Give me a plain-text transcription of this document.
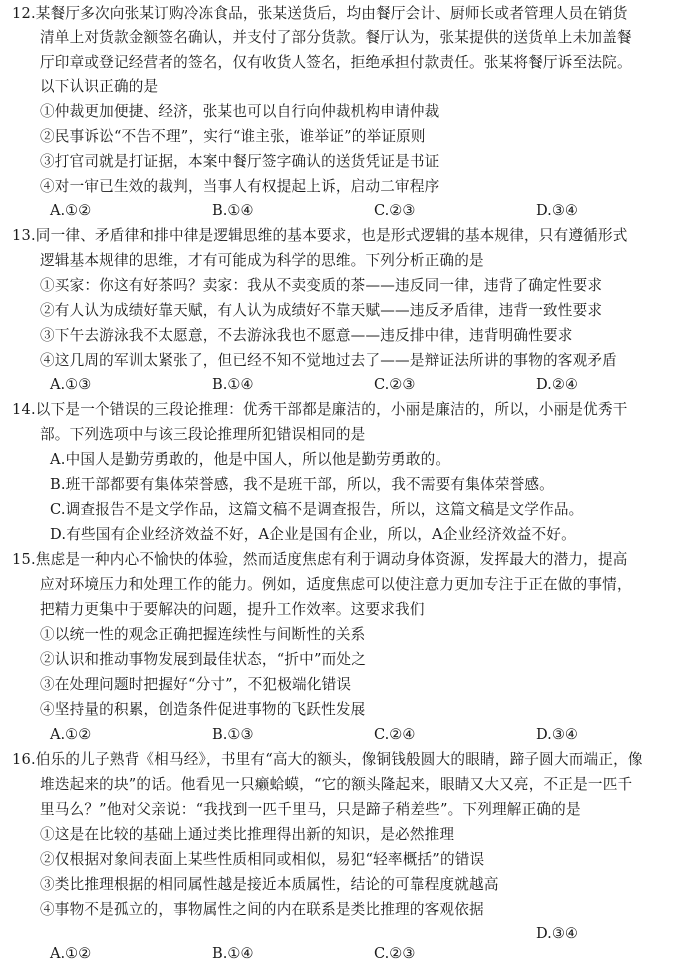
12.某餐厅多次向张某订购冷冻食品，张某送货后，均由餐厅会计、厨师长或者管理人员在销货
清单上对货款金额签名确认，并支付了部分货款。餐厅认为，张某提供的送货单上未加盖餐
厅印章或登记经营者的签名，仅有收货人签名，拒绝承担付款责任。张某将餐厅诉至法院。
以下认识正确的是
①仲裁更加便捷、经济，张某也可以自行向仲裁机构申请仲裁
②民事诉讼“不告不理”，实行“谁主张，谁举证”的举证原则
③打官司就是打证据，本案中餐厅签字确认的送货凭证是书证
④对一审已生效的裁判，当事人有权提起上诉，启动二审程序
A.①②	B.①④	C.②③	D.③④
13.同一律、矛盾律和排中律是逻辑思维的基本要求，也是形式逻辑的基本规律，只有遵循形式
逻辑基本规律的思维，才有可能成为科学的思维。下列分析正确的是
①买家：你这有好茶吗？卖家：我从不卖变质的茶——违反同一律，违背了确定性要求
②有人认为成绩好靠天赋，有人认为成绩好不靠天赋——违反矛盾律，违背一致性要求
③下午去游泳我不太愿意，不去游泳我也不愿意——违反排中律，违背明确性要求
④这几周的军训太紧张了，但已经不知不觉地过去了——是辩证法所讲的事物的客观矛盾
A.①③	B.①④	C.②③	D.②④
14.以下是一个错误的三段论推理：优秀干部都是廉洁的，小丽是廉洁的，所以，小丽是优秀干
部。下列选项中与该三段论推理所犯错误相同的是
A.中国人是勤劳勇敢的，他是中国人，所以他是勤劳勇敢的。
B.班干部都要有集体荣誉感，我不是班干部，所以，我不需要有集体荣誉感。
C.调查报告不是文学作品，这篇文稿不是调查报告，所以，这篇文稿是文学作品。
D.有些国有企业经济效益不好，A企业是国有企业，所以，A企业经济效益不好。
15.焦虑是一种内心不愉快的体验，然而适度焦虑有利于调动身体资源，发挥最大的潜力，提高
应对环境压力和处理工作的能力。例如，适度焦虑可以使注意力更加专注于正在做的事情，
把精力更集中于要解决的问题，提升工作效率。这要求我们
①以统一性的观念正确把握连续性与间断性的关系
②认识和推动事物发展到最佳状态，“折中”而处之
③在处理问题时把握好“分寸”，不犯极端化错误
④坚持量的积累，创造条件促进事物的飞跃性发展
A.①②	B.①③	C.②④	D.③④
16.伯乐的儿子熟背《相马经》，书里有“高大的额头，像铜钱般圆大的眼睛，蹄子圆大而端正，像
堆迭起来的块”的话。他看见一只癞蛤蟆，“它的额头隆起来，眼睛又大又亮，不正是一匹千
里马么？”他对父亲说：“我找到一匹千里马，只是蹄子稍差些”。下列理解正确的是
①这是在比较的基础上通过类比推理得出新的知识，是必然推理
②仅根据对象间表面上某些性质相同或相似，易犯“轻率概括”的错误
③类比推理根据的相同属性越是接近本质属性，结论的可靠程度就越高
④事物不是孤立的，事物属性之间的内在联系是类比推理的客观依据
A.①②	B.①④	C.②③
D.③④
